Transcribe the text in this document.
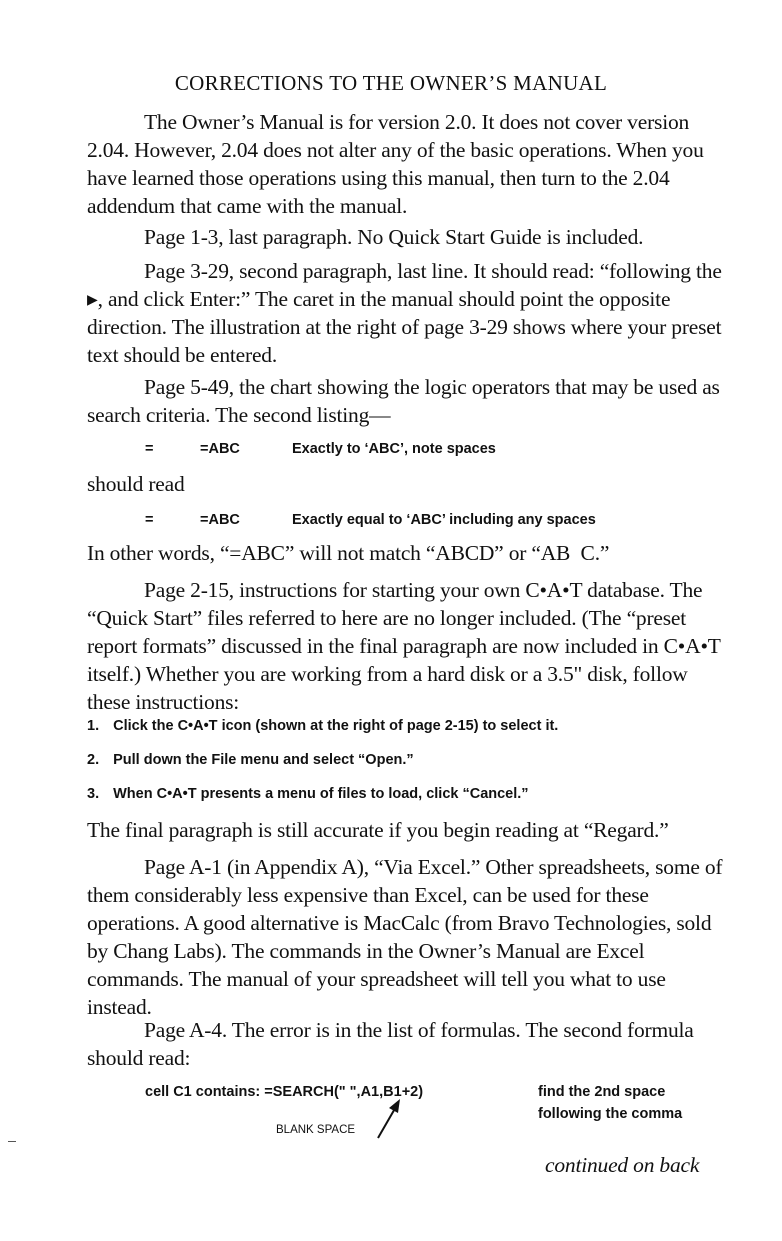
CORRECTIONS TO THE OWNER’S MANUAL

The Owner’s Manual is for version 2.0. It does not cover version 2.04. However, 2.04 does not alter any of the basic operations. When you have learned those operations using this manual, then turn to the 2.04 addendum that came with the manual.

Page 1-3, last paragraph. No Quick Start Guide is included.

Page 3-29, second paragraph, last line. It should read: “following the ▸, and click Enter:” The caret in the manual should point the opposite direction. The illustration at the right of page 3-29 shows where your preset text should be entered.

Page 5-49, the chart showing the logic operators that may be used as search criteria. The second listing—

=	=ABC	Exactly to ‘ABC’, note spaces

should read

=	=ABC	Exactly equal to ‘ABC’ including any spaces

In other words, “=ABC” will not match “ABCD” or “AB  C.”

Page 2-15, instructions for starting your own C•A•T database. The “Quick Start” files referred to here are no longer included. (The “preset report formats” discussed in the final paragraph are now included in C•A•T itself.) Whether you are working from a hard disk or a 3.5" disk, follow these instructions:

1. Click the C•A•T icon (shown at the right of page 2-15) to select it.
2. Pull down the File menu and select “Open.”
3. When C•A•T presents a menu of files to load, click “Cancel.”

The final paragraph is still accurate if you begin reading at “Regard.”

Page A-1 (in Appendix A), “Via Excel.” Other spreadsheets, some of them considerably less expensive than Excel, can be used for these operations. A good alternative is MacCalc (from Bravo Technologies, sold by Chang Labs). The commands in the Owner’s Manual are Excel commands. The manual of your spreadsheet will tell you what to use instead.

Page A-4. The error is in the list of formulas. The second formula should read:

cell C1 contains: =SEARCH(" ",A1,B1+2)	find the 2nd space
following the comma
BLANK SPACE
continued on back
